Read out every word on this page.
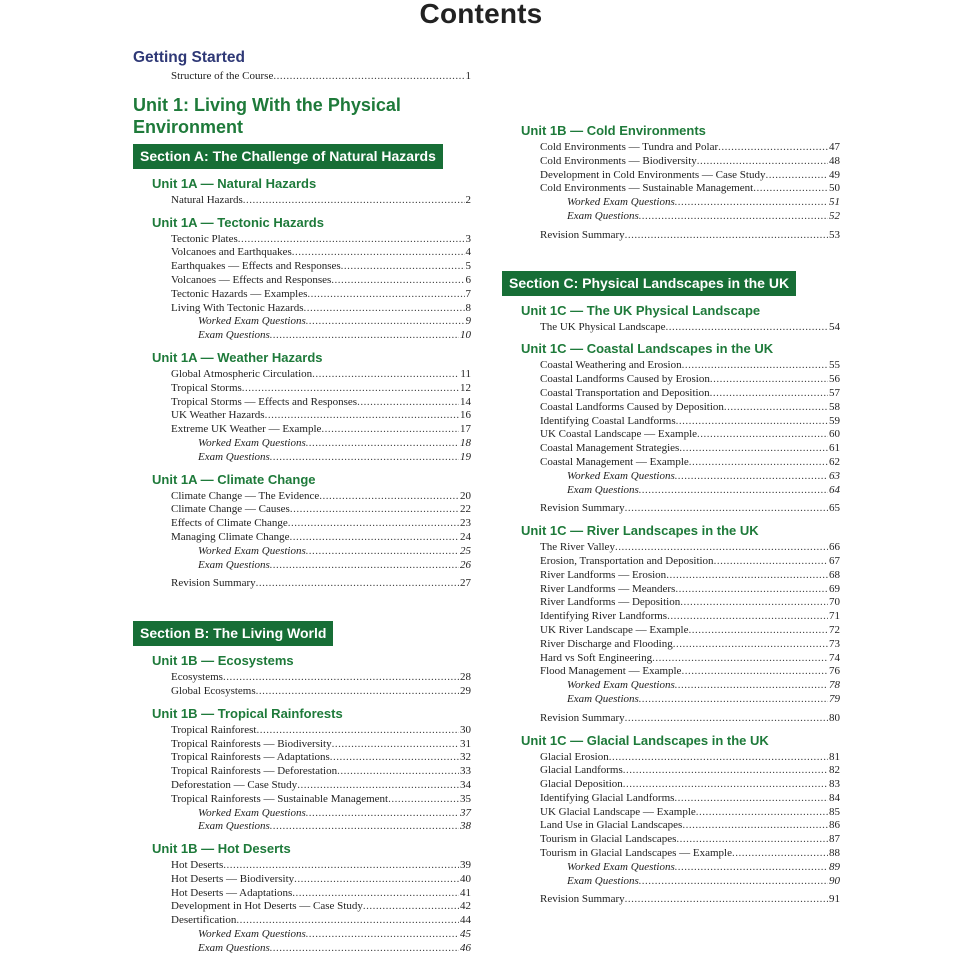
Contents
Getting Started
Structure of the Course .....	1
Unit 1: Living With the Physical Environment
Section A: The Challenge of Natural Hazards
Unit 1A — Natural Hazards
Natural Hazards .....	2
Unit 1A — Tectonic Hazards
Tectonic Plates .....	3
Volcanoes and Earthquakes .....	4
Earthquakes — Effects and Responses .....	5
Volcanoes — Effects and Responses .....	6
Tectonic Hazards — Examples .....	7
Living With Tectonic Hazards .....	8
Worked Exam Questions .....	9
Exam Questions .....	10
Unit 1A — Weather Hazards
Global Atmospheric Circulation .....	11
Tropical Storms .....	12
Tropical Storms — Effects and Responses .....	14
UK Weather Hazards .....	16
Extreme UK Weather — Example .....	17
Worked Exam Questions .....	18
Exam Questions .....	19
Unit 1A — Climate Change
Climate Change — The Evidence .....	20
Climate Change — Causes .....	22
Effects of Climate Change .....	23
Managing Climate Change .....	24
Worked Exam Questions .....	25
Exam Questions .....	26
Revision Summary .....	27
Section B: The Living World
Unit 1B — Ecosystems
Ecosystems .....	28
Global Ecosystems .....	29
Unit 1B — Tropical Rainforests
Tropical Rainforest .....	30
Tropical Rainforests — Biodiversity .....	31
Tropical Rainforests — Adaptations .....	32
Tropical Rainforests — Deforestation .....	33
Deforestation — Case Study .....	34
Tropical Rainforests — Sustainable Management .....	35
Worked Exam Questions .....	37
Exam Questions .....	38
Unit 1B — Hot Deserts
Hot Deserts .....	39
Hot Deserts — Biodiversity .....	40
Hot Deserts — Adaptations .....	41
Development in Hot Deserts — Case Study .....	42
Desertification .....	44
Worked Exam Questions .....	45
Exam Questions .....	46
Unit 1B — Cold Environments
Cold Environments — Tundra and Polar .....	47
Cold Environments — Biodiversity .....	48
Development in Cold Environments — Case Study .....	49
Cold Environments — Sustainable Management .....	50
Worked Exam Questions .....	51
Exam Questions .....	52
Revision Summary .....	53
Section C: Physical Landscapes in the UK
Unit 1C — The UK Physical Landscape
The UK Physical Landscape .....	54
Unit 1C — Coastal Landscapes in the UK
Coastal Weathering and Erosion .....	55
Coastal Landforms Caused by Erosion .....	56
Coastal Transportation and Deposition .....	57
Coastal Landforms Caused by Deposition .....	58
Identifying Coastal Landforms .....	59
UK Coastal Landscape — Example .....	60
Coastal Management Strategies .....	61
Coastal Management — Example .....	62
Worked Exam Questions .....	63
Exam Questions .....	64
Revision Summary .....	65
Unit 1C — River Landscapes in the UK
The River Valley .....	66
Erosion, Transportation and Deposition .....	67
River Landforms — Erosion .....	68
River Landforms — Meanders .....	69
River Landforms — Deposition .....	70
Identifying River Landforms .....	71
UK River Landscape — Example .....	72
River Discharge and Flooding .....	73
Hard vs Soft Engineering .....	74
Flood Management — Example .....	76
Worked Exam Questions .....	78
Exam Questions .....	79
Revision Summary .....	80
Unit 1C — Glacial Landscapes in the UK
Glacial Erosion .....	81
Glacial Landforms .....	82
Glacial Deposition .....	83
Identifying Glacial Landforms .....	84
UK Glacial Landscape — Example .....	85
Land Use in Glacial Landscapes .....	86
Tourism in Glacial Landscapes .....	87
Tourism in Glacial Landscapes — Example .....	88
Worked Exam Questions .....	89
Exam Questions .....	90
Revision Summary .....	91
